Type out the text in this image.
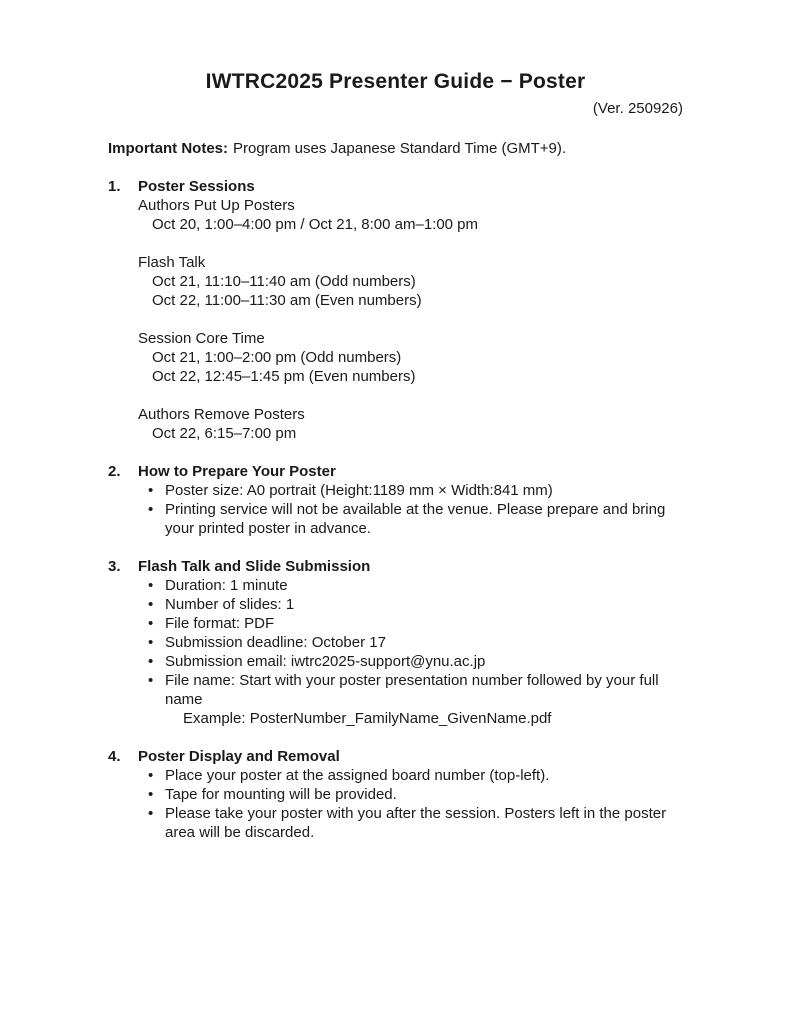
IWTRC2025 Presenter Guide − Poster
(Ver. 250926)

Important Notes: Program uses Japanese Standard Time (GMT+9).

1.	Poster Sessions
Authors Put Up Posters
Oct 20, 1:00–4:00 pm / Oct 21, 8:00 am–1:00 pm
Flash Talk
Oct 21, 11:10–11:40 am (Odd numbers)
Oct 22, 11:00–11:30 am (Even numbers)
Session Core Time
Oct 21, 1:00–2:00 pm (Odd numbers)
Oct 22, 12:45–1:45 pm (Even numbers)
Authors Remove Posters
Oct 22, 6:15–7:00 pm
2.	How to Prepare Your Poster
• Poster size: A0 portrait (Height:1189 mm × Width:841 mm)
• Printing service will not be available at the venue. Please prepare and bring your printed poster in advance.
3.	Flash Talk and Slide Submission
• Duration: 1 minute
• Number of slides: 1
• File format: PDF
• Submission deadline: October 17
• Submission email: iwtrc2025-support@ynu.ac.jp
• File name: Start with your poster presentation number followed by your full name
Example: PosterNumber_FamilyName_GivenName.pdf
4.	Poster Display and Removal
• Place your poster at the assigned board number (top-left).
• Tape for mounting will be provided.
• Please take your poster with you after the session. Posters left in the poster area will be discarded.
